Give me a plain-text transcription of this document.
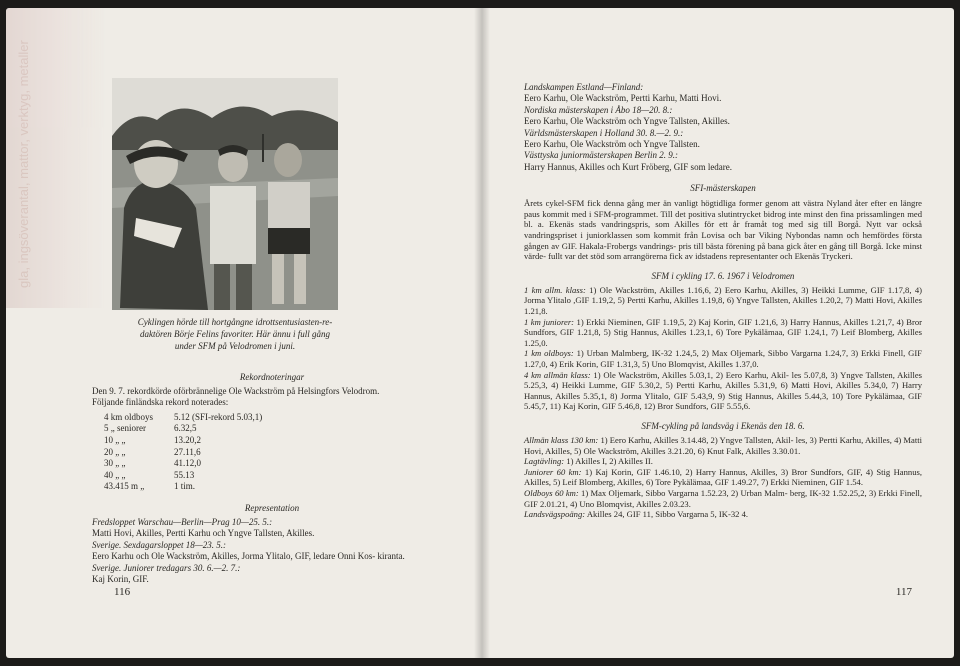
gla, ingsöverantal, mattor, verktyg, metaller

Cyklingen hörde till hortgångne idrottsentusiasten-re-

daktören Börje Felins favoriter. Här ännu i full gång

under SFM på Velodromen i juni.

Rekordnoteringar

Den 9. 7. rekordkörde oförbrännelige Ole Wackström på Helsingfors Velodrom.

Följande finländska rekord noterades:

4 km oldboys	5.12 (SFI-rekord 5.03,1)
5 „ seniorer	6.32,5
10 „ „	13.20,2
20 „ „	27.11,6
30 „ „	41.12,0
40 „ „	55.13
43.415 m „	1 tim.

Representation

Fredsloppet Warschau—Berlin—Prag 10—25. 5.:

Matti Hovi, Akilles, Pertti Karhu och Yngve Tallsten, Akilles.

Sverige. Sexdagarsloppet 18—23. 5.:

Eero Karhu och Ole Wackström, Akilles, Jorma Ylitalo, GIF, ledare Onni Kos- kiranta.

Sverige. Juniorer tredagars 30. 6.—2. 7.:

Kaj Korin, GIF.

116

Landskampen Estland—Finland:

Eero Karhu, Ole Wackström, Pertti Karhu, Matti Hovi.

Nordiska mästerskapen i Åbo 18—20. 8.:

Eero Karhu, Ole Wackström och Yngve Tallsten, Akilles.

Världsmästerskapen i Holland 30. 8.—2. 9.:

Eero Karhu, Ole Wackström och Yngve Tallsten.

Västtyska juniormästerskapen Berlin 2. 9.:

Harry Hannus, Akilles och Kurt Fröberg, GIF som ledare.

SFI-mästerskapen

Årets cykel-SFM fick denna gång mer än vanligt högtidliga former genom att västra Nyland åter efter en längre paus kommit med i SFM-programmet. Till det positiva slutintrycket bidrog inte minst den fina prissamlingen med bl. a. Ekenäs stads vandringspris, som Akilles för ett år framåt tog med sig till Borgå. Nytt var också vandringspriset i juniorklassen som kommit från Lovisa och bar Viking Nybondas namn och hemfördes första gången av GIF. Hakala-Frobergs vandrings- pris till bästa förening på bana gick åter en gång till Borgå. Icke minst värde- fullt var det stöd som arrangörerna fick av idstadens representanter och Ekenäs Tryckeri.

SFM i cykling 17. 6. 1967 i Velodromen

1 km allm. klass: 1) Ole Wackström, Akilles 1.16,6, 2) Eero Karhu, Akilles, 3) Heikki Lumme, GIF 1.17,8, 4) Jorma Ylitalo ,GIF 1.19,2, 5) Pertti Karhu, Akilles 1.19,8, 6) Yngve Tallsten, Akilles 1.20,2, 7) Matti Hovi, Akilles 1.21,8.

1 km juniorer: 1) Erkki Nieminen, GIF 1.19,5, 2) Kaj Korin, GIF 1.21,6, 3) Harry Hannus, Akilles 1.21,7, 4) Bror Sundfors, GIF 1.21,8, 5) Stig Hannus, Akilles 1.23,1, 6) Tore Pykälämaa, GIF 1.24,1, 7) Leif Blomberg, Akilles 1.25,0.

1 km oldboys: 1) Urban Malmberg, IK-32 1.24,5, 2) Max Oljemark, Sibbo Vargarna 1.24,7, 3) Erkki Finell, GIF 1.27,0, 4) Erik Korin, GIF 1.31,3, 5) Uno Blomqvist, Akilles 1.37,0.

4 km allmän klass: 1) Ole Wackström, Akilles 5.03,1, 2) Eero Karhu, Akil- les 5.07,8, 3) Yngve Tallsten, Akilles 5.25,3, 4) Heikki Lumme, GIF 5.30,2, 5) Pertti Karhu, Akilles 5.31,9, 6) Matti Hovi, Akilles 5.34,0, 7) Harry Hannus, Akilles 5.35,1, 8) Jorma Ylitalo, GIF 5.43,9, 9) Stig Hannus, Akilles 5.44,3, 10) Tore Pykälämaa, GIF 5.45,7, 11) Kaj Korin, GIF 5.46,8, 12) Bror Sundfors, GIF 5.55,6.

SFM-cykling på landsväg i Ekenäs den 18. 6.

Allmän klass 130 km: 1) Eero Karhu, Akilles 3.14.48, 2) Yngve Tallsten, Akil- les, 3) Pertti Karhu, Akilles, 4) Matti Hovi, Akilles, 5) Ole Wackström, Akilles 3.21.20, 6) Knut Falk, Akilles 3.30.01.

Lagtävling: 1) Akilles I, 2) Akilles II.

Juniorer 60 km: 1) Kaj Korin, GIF 1.46.10, 2) Harry Hannus, Akilles, 3) Bror Sundfors, GIF, 4) Stig Hannus, Akilles, 5) Leif Blomberg, Akilles, 6) Tore Pykälämaa, GIF 1.49.27, 7) Erkki Nieminen, GIF 1.54.

Oldboys 60 km: 1) Max Oljemark, Sibbo Vargarna 1.52.23, 2) Urban Malm- berg, IK-32 1.52.25,2, 3) Erkki Finell, GIF 2.01.21, 4) Uno Blomqvist, Akilles 2.03.23.

Landsvägspoäng: Akilles 24, GIF 11, Sibbo Vargarna 5, IK-32 4.

117
